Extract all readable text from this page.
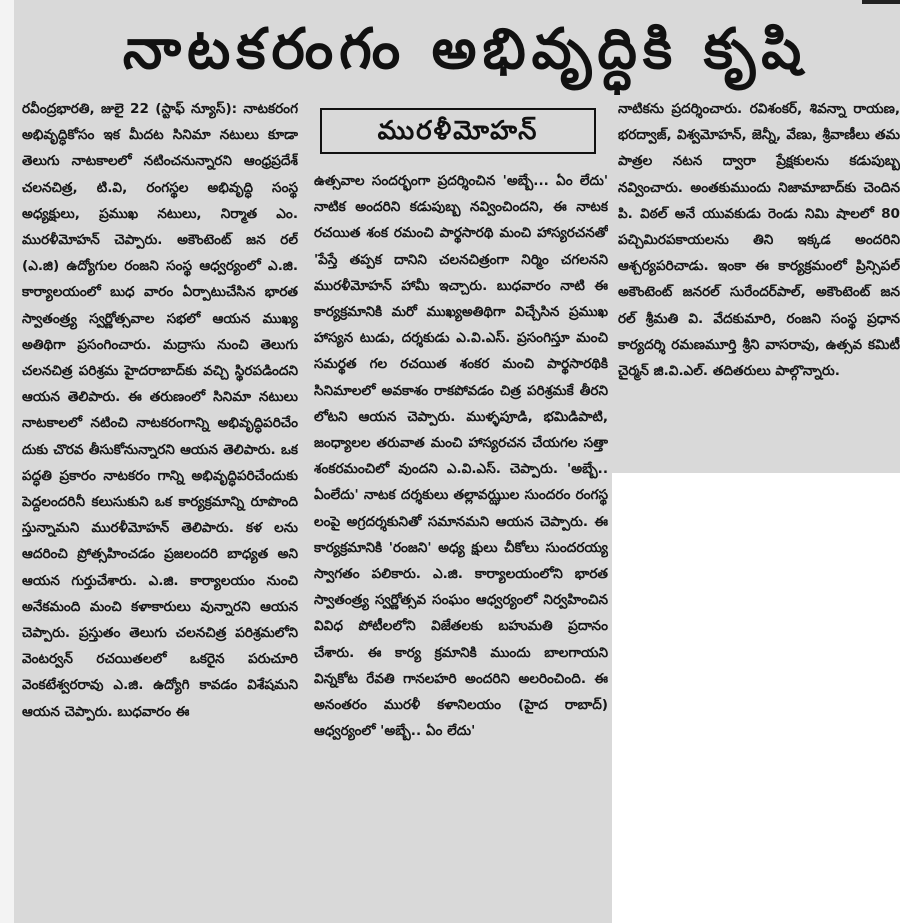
నాటకరంగం అభివృద్ధికి కృషి

రవీంద్రభారతి, జులై 22 (స్టాఫ్ న్యూస్): నాటకరంగ అభివృద్ధికోసం ఇక మీదట సినిమా నటులు కూడా తెలుగు నాటకాలలో నటించనున్నారని ఆంధ్రప్రదేశ్ చలనచిత్ర, టి.వి, రంగస్థల అభివృద్ధి సంస్థ అధ్యక్షులు, ప్రముఖ నటులు, నిర్మాత ఎం. మురళీమోహన్ చెప్పారు. అకౌంటెంట్ జన రల్ (ఎ.జి) ఉద్యోగుల రంజని సంస్థ ఆధ్వర్యంలో ఎ.జి. కార్యాలయంలో బుధ వారం ఏర్పాటుచేసిన భారత స్వాతంత్ర్య స్వర్ణోత్సవాల సభలో ఆయన ముఖ్య అతిథిగా ప్రసంగించారు. మద్రాసు నుంచి తెలుగు చలనచిత్ర పరిశ్రమ హైదరాబాద్‌కు వచ్చి స్థిరపడిందని ఆయన తెలిపారు. ఈ తరుణంలో సినిమా నటులు నాటకాలలో నటించి నాటకరంగాన్ని అభివృద్ధిపరిచేం దుకు చొరవ తీసుకోనున్నారని ఆయన తెలిపారు. ఒక పద్ధతి ప్రకారం నాటకరం గాన్ని అభివృద్ధిపరిచేందుకు పెద్దలందరినీ కలుసుకుని ఒక కార్యక్రమాన్ని రూపొంది స్తున్నామని మురళీమోహన్ తెలిపారు. కళ లను ఆదరించి ప్రోత్సహించడం ప్రజలందరి బాధ్యత అని ఆయన గుర్తుచేశారు. ఎ.జి. కార్యాలయం నుంచి అనేకమంది మంచి కళాకారులు వున్నారని ఆయన చెప్పారు. ప్రస్తుతం తెలుగు చలనచిత్ర పరిశ్రమలోని వెంటర్వన్ రచయితలలో ఒకరైన పరుచూరి వెంకటేశ్వరరావు ఎ.జి. ఉద్యోగి కావడం విశేషమని ఆయన చెప్పారు. బుధవారం ఈ

మురళీమోహన్

ఉత్సవాల సందర్భంగా ప్రదర్శించిన 'అబ్బే... ఏం లేదు' నాటిక అందరిని కడుపుబ్బ నవ్వించిందని, ఈ నాటక రచయిత శంక రమంచి పార్థసారథి మంచి హాస్యరచనతో 'పేస్తే తప్పక దానిని చలనచిత్రంగా నిర్మిం చగలనని మురళీమోహన్ హామీ ఇచ్చారు. బుధవారం నాటి ఈ కార్యక్రమానికి మరో ముఖ్యఅతిథిగా విచ్చేసిన ప్రముఖ హాస్యన టుడు, దర్శకుడు ఎ.వి.ఎస్. ప్రసంగిస్తూ మంచి సమర్థత గల రచయిత శంకర మంచి పార్థసారథికి సినిమాలలో అవకాశం రాకపోవడం చిత్ర పరిశ్రమకే తీరని లోటని ఆయన చెప్పారు. ముళ్ళపూడి, భమిడిపాటి, జంధ్యాలల తరువాత మంచి హాస్యరచన చేయగల సత్తా శంకరమంచిలో వుందని ఎ.వి.ఎస్. చెప్పారు. 'అబ్బే.. ఏంలేదు' నాటక దర్శకులు తల్లావఝ్ఝుల సుందరం రంగస్థ లంపై అగ్రదర్శకునితో సమానమని ఆయన చెప్పారు. ఈ కార్యక్రమానికి 'రంజని' అధ్య క్షులు చీకోలు సుందరయ్య స్వాగతం పలికారు. ఎ.జి. కార్యాలయంలోని భారత స్వాతంత్ర్య స్వర్ణోత్సవ సంఘం ఆధ్వర్యంలో నిర్వహించిన వివిధ పోటీలలోని విజేతలకు బహుమతి ప్రదానం చేశారు. ఈ కార్య క్రమానికి ముందు బాలగాయని విన్నకోట రేవతి గానలహరి అందరిని అలరించింది. ఈ అనంతరం మురళీ కళానిలయం (హైద రాబాద్) ఆధ్వర్యంలో 'అబ్బే.. ఏం లేదు'

నాటికను ప్రదర్శించారు. రవిశంకర్, శివన్నా రాయణ, భరద్వాజ్, విశ్వమోహన్, జెన్నీ, వేణు, శ్రీవాణీలు తమ పాత్రల నటన ద్వారా ప్రేక్షకులను కడుపుబ్బ నవ్వించారు. అంతకుముందు నిజామాబాద్‌కు చెందిన పి. విఠల్ అనే యువకుడు రెండు నిమి షాలలో 80 పచ్చిమిరపకాయలను తిని ఇక్కడ అందరిని ఆశ్చర్యపరిచాడు. ఇంకా ఈ కార్యక్రమంలో ప్రిన్సిపల్ అకౌంటెంట్ జనరల్ సురేందర్‌పాల్, అకౌంటెంట్ జన రల్ శ్రీమతి వి. వేదకుమారి, రంజని సంస్థ ప్రధాన కార్యదర్శి రమణమూర్తి శ్రీని వాసరావు, ఉత్సవ కమిటీ చైర్మన్ జి.వి.ఎల్. తదితరులు పాల్గొన్నారు.
